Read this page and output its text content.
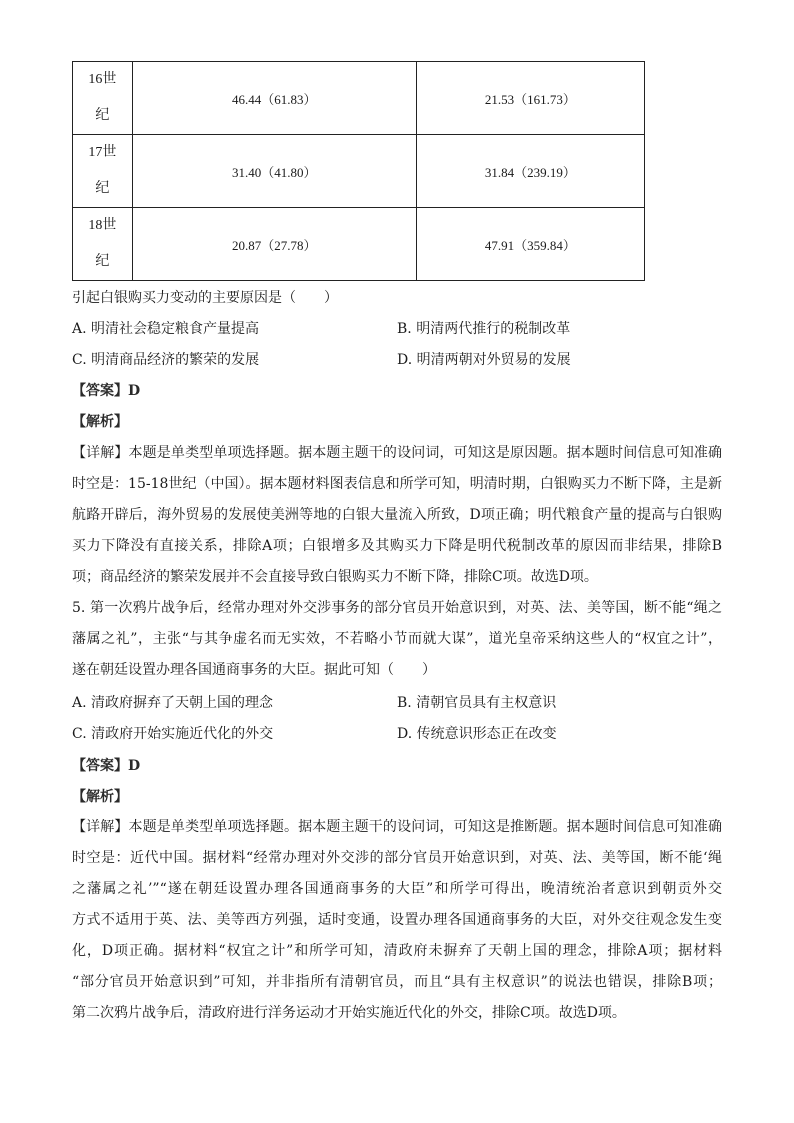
16世
纪	46.44（61.83）	21.53（161.73）

17世
纪	31.40（41.80）	31.84（239.19）

18世
纪	20.87（27.78）	47.91（359.84）
引起白银购买力变动的主要原因是（　　）
A. 明清社会稳定粮食产量提高	B. 明清两代推行的税制改革
C. 明清商品经济的繁荣的发展	D. 明清两朝对外贸易的发展
【答案】D
【解析】
【详解】本题是单类型单项选择题。据本题主题干的设问词，可知这是原因题。据本题时间信息可知准确
时空是：15-18世纪（中国）。据本题材料图表信息和所学可知，明清时期，白银购买力不断下降，主是新
航路开辟后，海外贸易的发展使美洲等地的白银大量流入所致，D项正确；明代粮食产量的提高与白银购
买力下降没有直接关系，排除A项；白银增多及其购买力下降是明代税制改革的原因而非结果，排除B
项；商品经济的繁荣发展并不会直接导致白银购买力不断下降，排除C项。故选D项。
5. 第一次鸦片战争后，经常办理对外交涉事务的部分官员开始意识到，对英、法、美等国，断不能“绳之
藩属之礼”，主张“与其争虚名而无实效，不若略小节而就大谋”，道光皇帝采纳这些人的“权宜之计”，
遂在朝廷设置办理各国通商事务的大臣。据此可知（　　）
A. 清政府摒弃了天朝上国的理念	B. 清朝官员具有主权意识
C. 清政府开始实施近代化的外交	D. 传统意识形态正在改变
【答案】D
【解析】
【详解】本题是单类型单项选择题。据本题主题干的设问词，可知这是推断题。据本题时间信息可知准确
时空是：近代中国。据材料“经常办理对外交涉的部分官员开始意识到，对英、法、美等国，断不能‘绳
之藩属之礼’”“遂在朝廷设置办理各国通商事务的大臣”和所学可得出，晚清统治者意识到朝贡外交
方式不适用于英、法、美等西方列强，适时变通，设置办理各国通商事务的大臣，对外交往观念发生变
化，D项正确。据材料“权宜之计”和所学可知，清政府未摒弃了天朝上国的理念，排除A项；据材料
“部分官员开始意识到”可知，并非指所有清朝官员，而且“具有主权意识”的说法也错误，排除B项；
第二次鸦片战争后，清政府进行洋务运动才开始实施近代化的外交，排除C项。故选D项。
